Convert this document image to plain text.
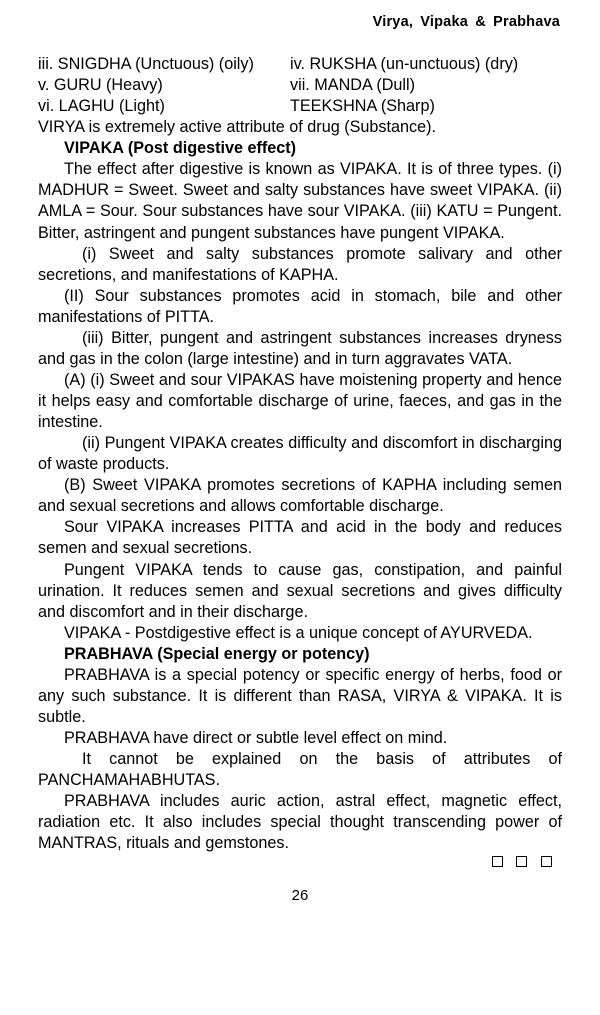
Virya, Vipaka & Prabhava
iii. SNIGDHA (Unctuous) (oily)	iv. RUKSHA (un-unctuous) (dry)
v. GURU (Heavy)	vii. MANDA (Dull)
vi. LAGHU (Light)	TEEKSHNA (Sharp)

VIRYA is extremely active attribute of drug (Substance).

VIPAKA (Post digestive effect)

The effect after digestive is known as VIPAKA. It is of three types. (i) MADHUR = Sweet. Sweet and salty substances have sweet VIPAKA. (ii) AMLA = Sour. Sour substances have sour VIPAKA. (iii) KATU = Pungent. Bitter, astringent and pungent substances have pungent VIPAKA.

(i) Sweet and salty substances promote salivary and other secretions, and manifestations of KAPHA.

(II) Sour substances promotes acid in stomach, bile and other manifestations of PITTA.

(iii) Bitter, pungent and astringent substances increases dryness and gas in the colon (large intestine) and in turn aggravates VATA.

(A) (i) Sweet and sour VIPAKAS have moistening property and hence it helps easy and comfortable discharge of urine, faeces, and gas in the intestine.

(ii) Pungent VIPAKA creates difficulty and discomfort in discharging of waste products.

(B) Sweet VIPAKA promotes secretions of KAPHA including semen and sexual secretions and allows comfortable discharge.

Sour VIPAKA increases PITTA and acid in the body and reduces semen and sexual secretions.

Pungent VIPAKA tends to cause gas, constipation, and painful urination. It reduces semen and sexual secretions and gives difficulty and discomfort and in their discharge.

VIPAKA - Postdigestive effect is a unique concept of AYURVEDA.

PRABHAVA (Special energy or potency)

PRABHAVA is a special potency or specific energy of herbs, food or any such substance. It is different than RASA, VIRYA & VIPAKA. It is subtle.

PRABHAVA have direct or subtle level effect on mind.

It cannot be explained on the basis of attributes of PANCHAMAHABHUTAS.

PRABHAVA includes auric action, astral effect, magnetic effect, radiation etc. It also includes special thought transcending power of MANTRAS, rituals and gemstones.

26
